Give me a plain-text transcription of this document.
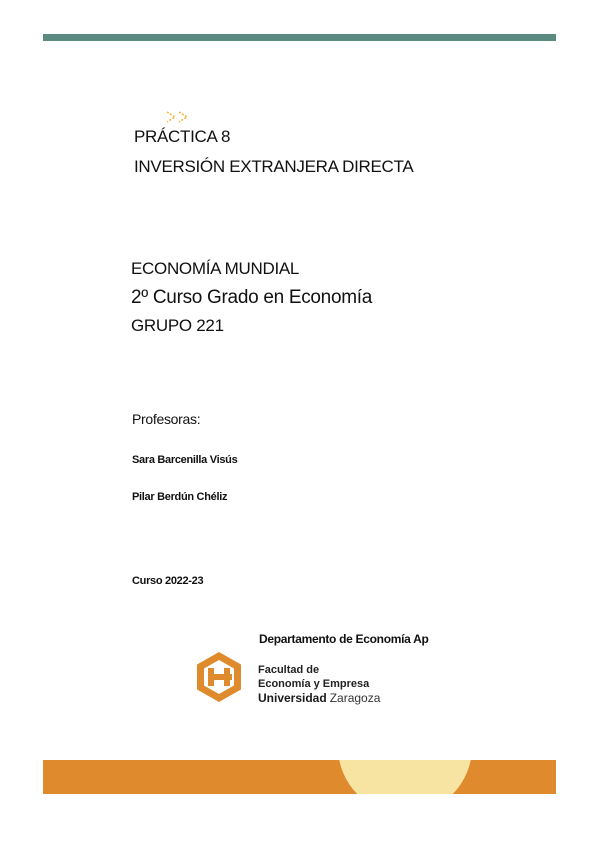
PRÁCTICA 8
INVERSIÓN EXTRANJERA DIRECTA
ECONOMÍA MUNDIAL
2º Curso Grado en Economía
GRUPO 221
Profesoras:
Sara Barcenilla Visús
Pilar Berdún Chéliz
Curso 2022-23
Departamento de Economía Ap
Facultad de
Economía y Empresa
Universidad Zaragoza
